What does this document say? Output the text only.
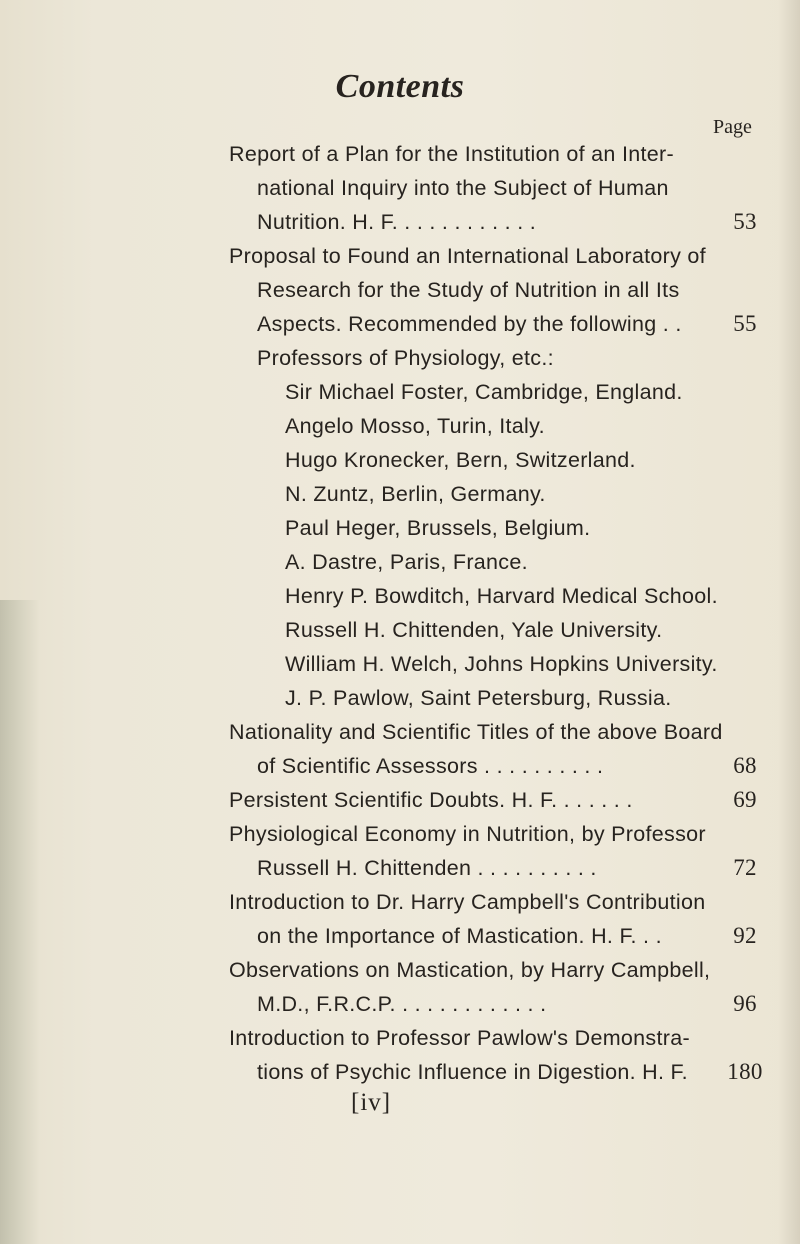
Contents
Page
Report of a Plan for the Institution of an Inter-
national Inquiry into the Subject of Human
Nutrition. H. F. . . . . . . . . . . .	53
Proposal to Found an International Laboratory of
Research for the Study of Nutrition in all Its
Aspects. Recommended by the following . .	55
Professors of Physiology, etc.:
Sir Michael Foster, Cambridge, England.
Angelo Mosso, Turin, Italy.
Hugo Kronecker, Bern, Switzerland.
N. Zuntz, Berlin, Germany.
Paul Heger, Brussels, Belgium.
A. Dastre, Paris, France.
Henry P. Bowditch, Harvard Medical School.
Russell H. Chittenden, Yale University.
William H. Welch, Johns Hopkins University.
J. P. Pawlow, Saint Petersburg, Russia.
Nationality and Scientific Titles of the above Board
of Scientific Assessors . . . . . . . . . .	68
Persistent Scientific Doubts. H. F. . . . . . .	69
Physiological Economy in Nutrition, by Professor
Russell H. Chittenden . . . . . . . . . .	72
Introduction to Dr. Harry Campbell's Contribution
on the Importance of Mastication. H. F. . .	92
Observations on Mastication, by Harry Campbell,
M.D., F.R.C.P. . . . . . . . . . . . .	96
Introduction to Professor Pawlow's Demonstra-
tions of Psychic Influence in Digestion. H. F. 180
[iv]
